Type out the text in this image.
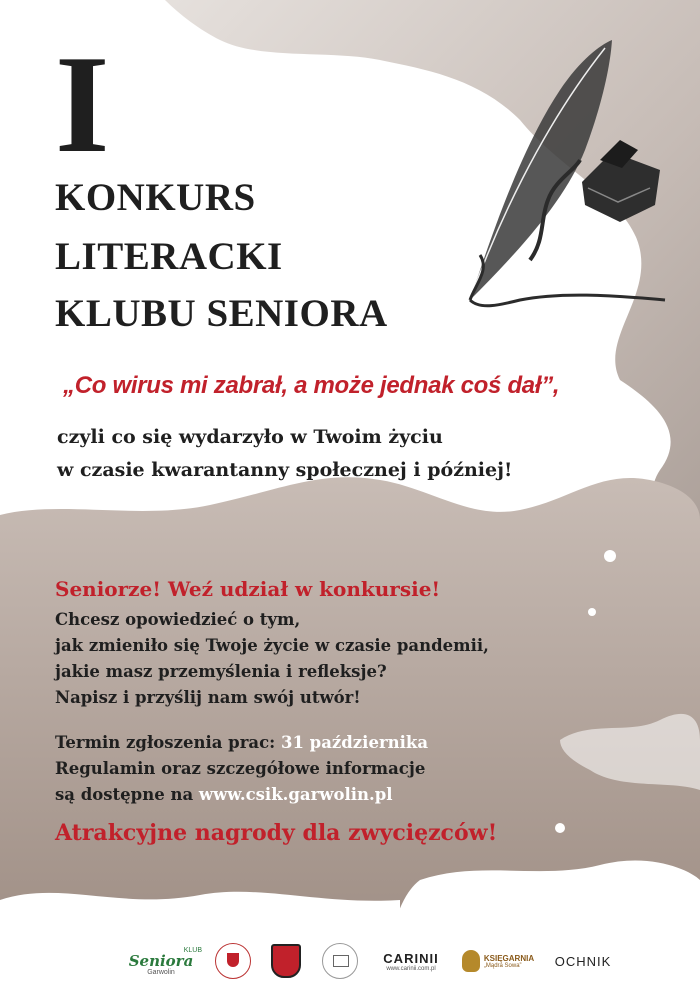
I
KONKURS
LITERACKI
KLUBU SENIORA
„Co wirus mi zabrał, a może jednak coś dał”,
czyli co się wydarzyło w Twoim życiu
w czasie kwarantanny społecznej i później!
Seniorze! Weź udział w konkursie!
Chcesz opowiedzieć o tym,
jak zmieniło się Twoje życie w czasie pandemii,
jakie masz przemyślenia i refleksje?
Napisz i przyślij nam swój utwór!
Termin zgłoszenia prac: 31 października
Regulamin oraz szczegółowe informacje
są dostępne na www.csik.garwolin.pl
Atrakcyjne nagrody dla zwycięzców!
KLUB
Seniora
Garwolin
CARINII
www.carinii.com.pl
KSIĘGARNIA
„Mądra Sowa”	OCHNIK
